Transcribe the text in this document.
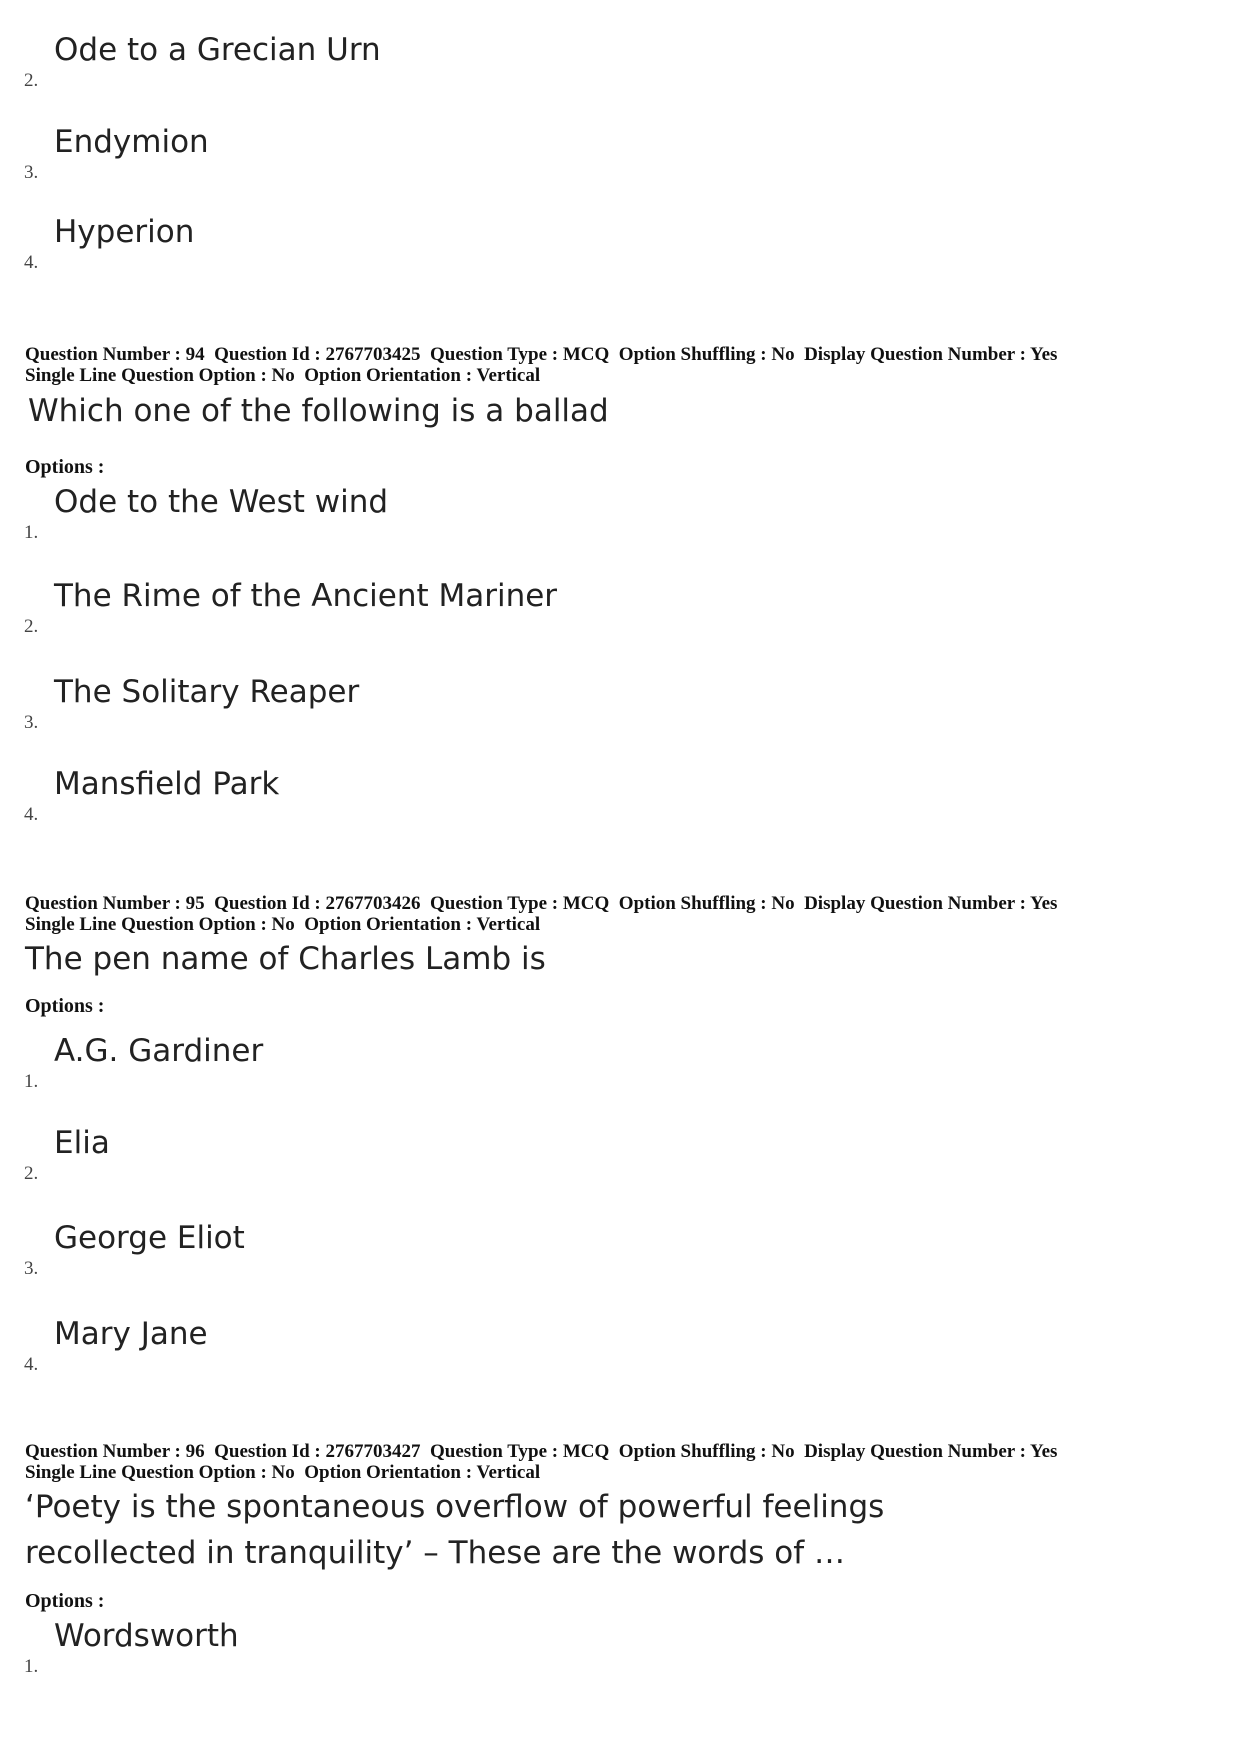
2.
Ode to a Grecian Urn
3.
Endymion
4.
Hyperion
Question Number : 94  Question Id : 2767703425  Question Type : MCQ  Option Shuffling : No  Display Question Number : Yes
Single Line Question Option : No  Option Orientation : Vertical
Which one of the following is a ballad
Options :
1.
Ode to the West wind
2.
The Rime of the Ancient Mariner
3.
The Solitary Reaper
4.
Mansfield Park
Question Number : 95  Question Id : 2767703426  Question Type : MCQ  Option Shuffling : No  Display Question Number : Yes
Single Line Question Option : No  Option Orientation : Vertical
The pen name of Charles Lamb is
Options :
1.
A.G. Gardiner
2.
Elia
3.
George Eliot
4.
Mary Jane
Question Number : 96  Question Id : 2767703427  Question Type : MCQ  Option Shuffling : No  Display Question Number : Yes
Single Line Question Option : No  Option Orientation : Vertical
‘Poety is the spontaneous overflow of powerful feelings
recollected in tranquility’ – These are the words of …
Options :
1.
Wordsworth
